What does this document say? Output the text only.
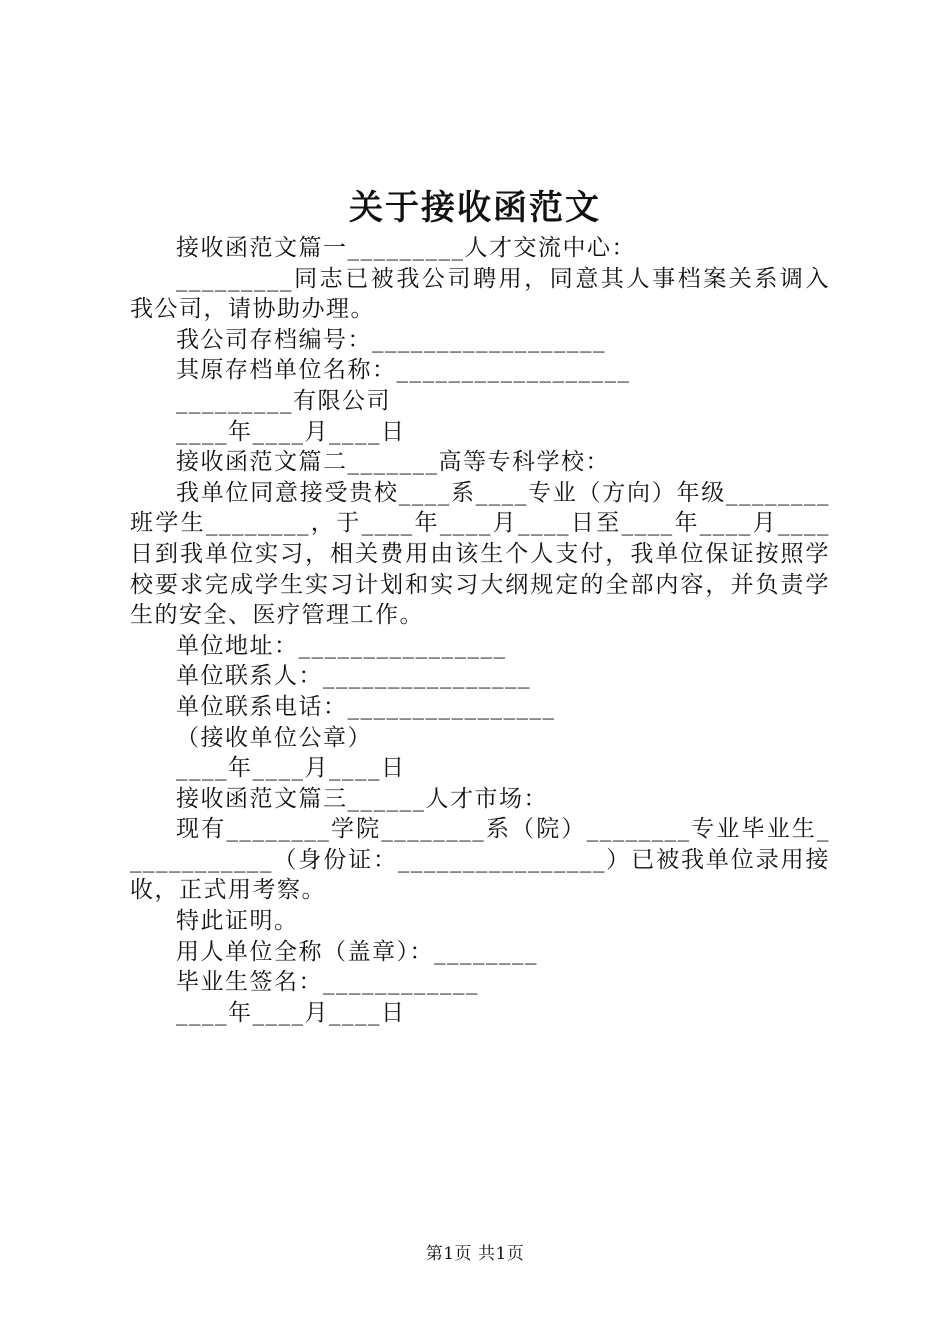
关于接收函范文

接收函范文篇一_________人才交流中心：

_________同志已被我公司聘用，同意其人事档案关系调入我公司，请协助办理。

我公司存档编号：__________________

其原存档单位名称：__________________

_________有限公司

____年____月____日

接收函范文篇二_______高等专科学校：

我单位同意接受贵校____系____专业（方向）年级________班学生________，于____年____月____日至____年____月____日到我单位实习，相关费用由该生个人支付，我单位保证按照学校要求完成学生实习计划和实习大纲规定的全部内容，并负责学生的安全、医疗管理工作。

单位地址：________________

单位联系人：________________

单位联系电话：________________

（接收单位公章）

____年____月____日

接收函范文篇三______人才市场：

现有________学院________系（院）________专业毕业生____________（身份证：________________）已被我单位录用接收，正式用考察。

特此证明。

用人单位全称（盖章）：________

毕业生签名：____________

____年____月____日

第1页 共1页
